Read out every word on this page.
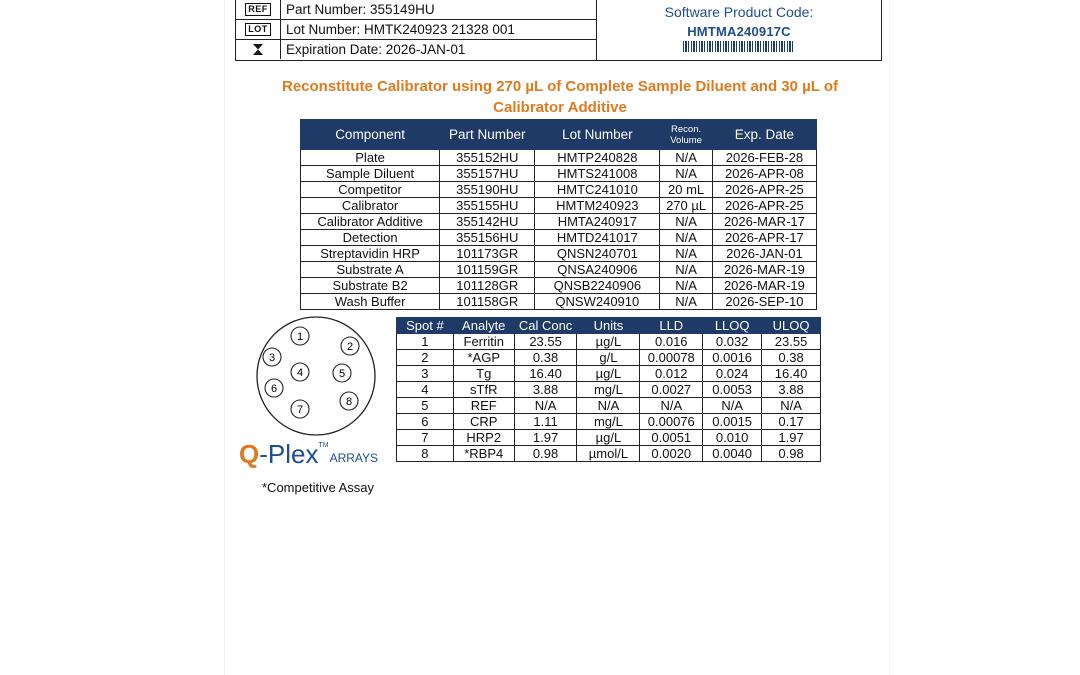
REF	Part Number: 355149HU
LOT	Lot Number: HMTK240923 21328 001
Expiration Date: 2026-JAN-01
Software Product Code:
HMTMA240917C
Reconstitute Calibrator using 270 µL of Complete Sample Diluent and 30 µL of Calibrator Additive
Component	Part Number	Lot Number	Recon. Volume	Exp. Date
Plate	355152HU	HMTP240828	N/A	2026-FEB-28
Sample Diluent	355157HU	HMTS241008	N/A	2026-APR-08
Competitor	355190HU	HMTC241010	20 mL	2026-APR-25
Calibrator	355155HU	HMTM240923	270 µL	2026-APR-25
Calibrator Additive	355142HU	HMTA240917	N/A	2026-MAR-17
Detection	355156HU	HMTD241017	N/A	2026-APR-17
Streptavidin HRP	101173GR	QNSN240701	N/A	2026-JAN-01
Substrate A	101159GR	QNSA240906	N/A	2026-MAR-19
Substrate B2	101128GR	QNSB2240906	N/A	2026-MAR-19
Wash Buffer	101158GR	QNSW240910	N/A	2026-SEP-10
1
2
3
4	5
6
7
8
Spot #	Analyte	Cal Conc	Units	LLD	LLOQ	ULOQ
1	Ferritin	23.55	µg/L	0.016	0.032	23.55
2	*AGP	0.38	g/L	0.00078	0.0016	0.38
3	Tg	16.40	µg/L	0.012	0.024	16.40
4	sTfR	3.88	mg/L	0.0027	0.0053	3.88
5	REF	N/A	N/A	N/A	N/A	N/A
6	CRP	1.11	mg/L	0.00076	0.0015	0.17
7	HRP2	1.97	µg/L	0.0051	0.010	1.97
8	*RBP4	0.98	µmol/L	0.0020	0.0040	0.98
Q -Plex TM
ARRAYS
*Competitive Assay
